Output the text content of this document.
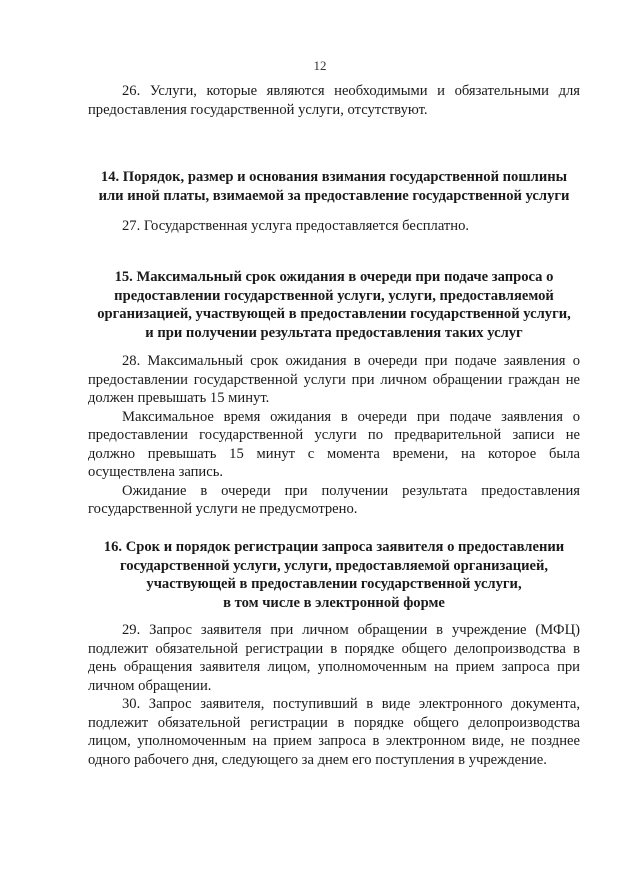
12

26. Услуги, которые являются необходимыми и обязательными для предоставления государственной услуги, отсутствуют.

14. Порядок, размер и основания взимания государственной пошлины
или иной платы, взимаемой за предоставление государственной услуги

27. Государственная услуга предоставляется бесплатно.

15. Максимальный срок ожидания в очереди при подаче запроса о
предоставлении государственной услуги, услуги, предоставляемой
организацией, участвующей в предоставлении государственной услуги,
и при получении результата предоставления таких услуг

28. Максимальный срок ожидания в очереди при подаче заявления о предоставлении государственной услуги при личном обращении граждан не должен превышать 15 минут.

Максимальное время ожидания в очереди при подаче заявления о предоставлении государственной услуги по предварительной записи не должно превышать 15 минут с момента времени, на которое была осуществлена запись.

Ожидание в очереди при получении результата предоставления государственной услуги не предусмотрено.

16. Срок и порядок регистрации запроса заявителя о предоставлении
государственной услуги, услуги, предоставляемой организацией,
участвующей в предоставлении государственной услуги,
в том числе в электронной форме

29. Запрос заявителя при личном обращении в учреждение (МФЦ) подлежит обязательной регистрации в порядке общего делопроизводства в день обращения заявителя лицом, уполномоченным на прием запроса при личном обращении.

30. Запрос заявителя, поступивший в виде электронного документа, подлежит обязательной регистрации в порядке общего делопроизводства лицом, уполномоченным на прием запроса в электронном виде, не позднее одного рабочего дня, следующего за днем его поступления в учреждение.
